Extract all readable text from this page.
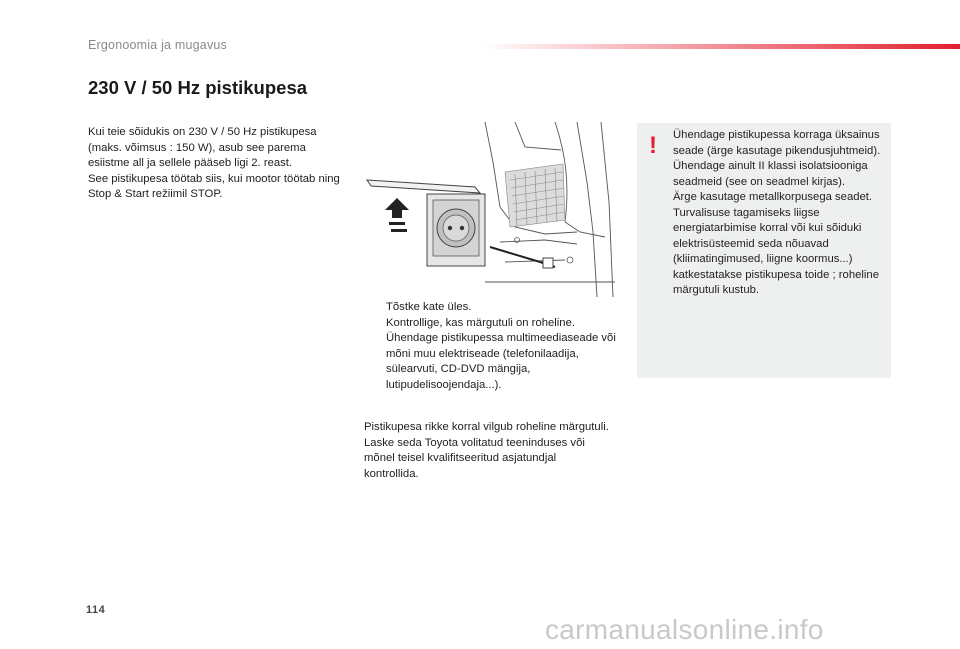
Ergonoomia ja mugavus
230 V / 50 Hz pistikupesa

Kui teie sõidukis on 230 V / 50 Hz pistikupesa (maks. võimsus : 150 W), asub see parema esiistme all ja sellele pääseb ligi 2. reast.

See pistikupesa töötab siis, kui mootor töötab ning Stop & Start režiimil STOP.

Tõstke kate üles.
Kontrollige, kas märgutuli on roheline.
Ühendage pistikupessa multimeediaseade või mõni muu elektriseade (telefonilaadija, sülearvuti, CD-DVD mängija, lutipudelisoojendaja...).

Pistikupesa rikke korral vilgub roheline märgutuli.

Laske seda Toyota volitatud teeninduses või mõnel teisel kvalifitseeritud asjatundjal kontrollida.

!	Ühendage pistikupessa korraga üksainus seade (ärge kasutage pikendusjuhtmeid).

Ühendage ainult II klassi isolatsiooniga seadmeid (see on seadmel kirjas).

Ärge kasutage metallkorpusega seadet.

Turvalisuse tagamiseks liigse energiatarbimise korral või kui sõiduki elektrisüsteemid seda nõuavad (kliimatingimused, liigne koormus...) katkestatakse pistikupesa toide ; roheline märgutuli kustub.

114
carmanualsonline.info
